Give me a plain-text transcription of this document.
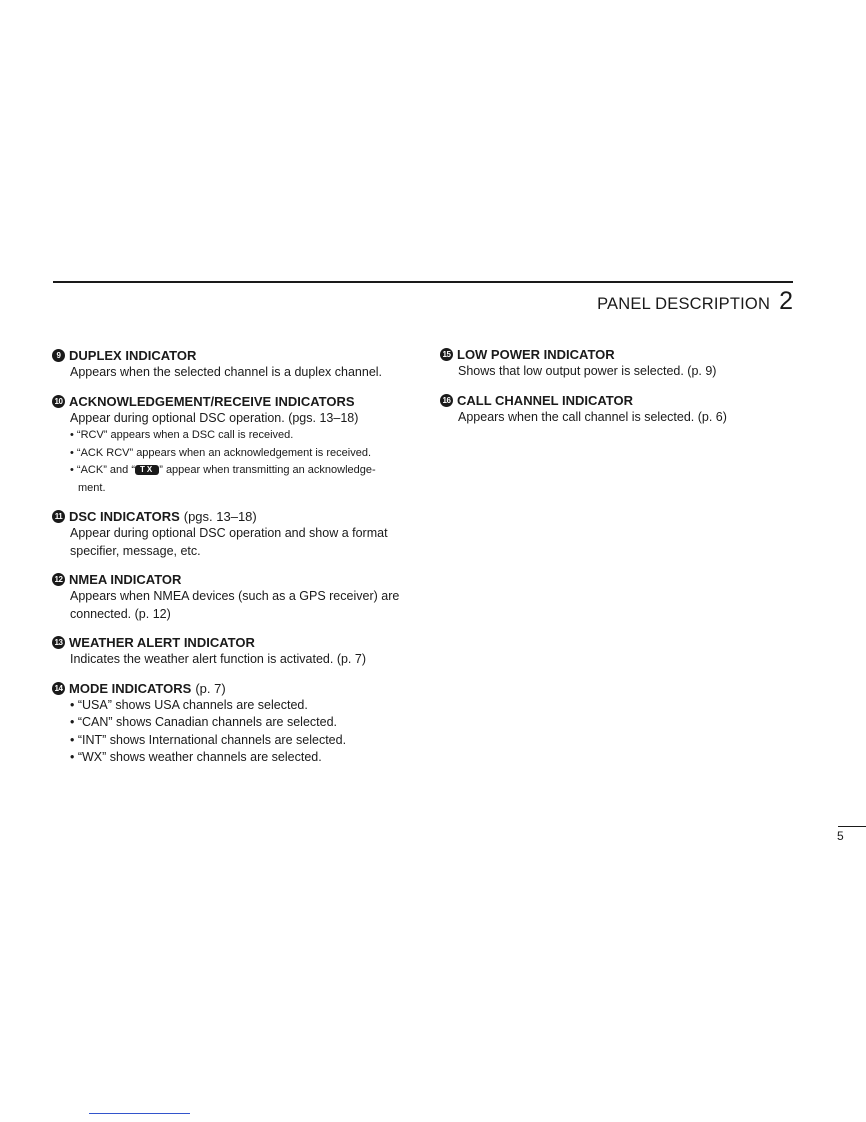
PANEL DESCRIPTION 2
9 DUPLEX INDICATOR
Appears when the selected channel is a duplex channel.
10 ACKNOWLEDGEMENT/RECEIVE INDICATORS
Appear during optional DSC operation. (pgs. 13–18)
• “RCV” appears when a DSC call is received.
• “ACK RCV” appears when an acknowledgement is received.
• “ACK” and “ TX ” appear when transmitting an acknowledge-
ment.
11 DSC INDICATORS (pgs. 13–18)
Appear during optional DSC operation and show a format specifier, message, etc.
12 NMEA INDICATOR
Appears when NMEA devices (such as a GPS receiver) are connected. (p. 12)
13 WEATHER ALERT INDICATOR
Indicates the weather alert function is activated. (p. 7)
14 MODE INDICATORS (p. 7)
• “USA” shows USA channels are selected.
• “CAN” shows Canadian channels are selected.
• “INT” shows International channels are selected.
• “WX” shows weather channels are selected.
15 LOW POWER INDICATOR
Shows that low output power is selected. (p. 9)
16 CALL CHANNEL INDICATOR
Appears when the call channel is selected. (p. 6)
5
